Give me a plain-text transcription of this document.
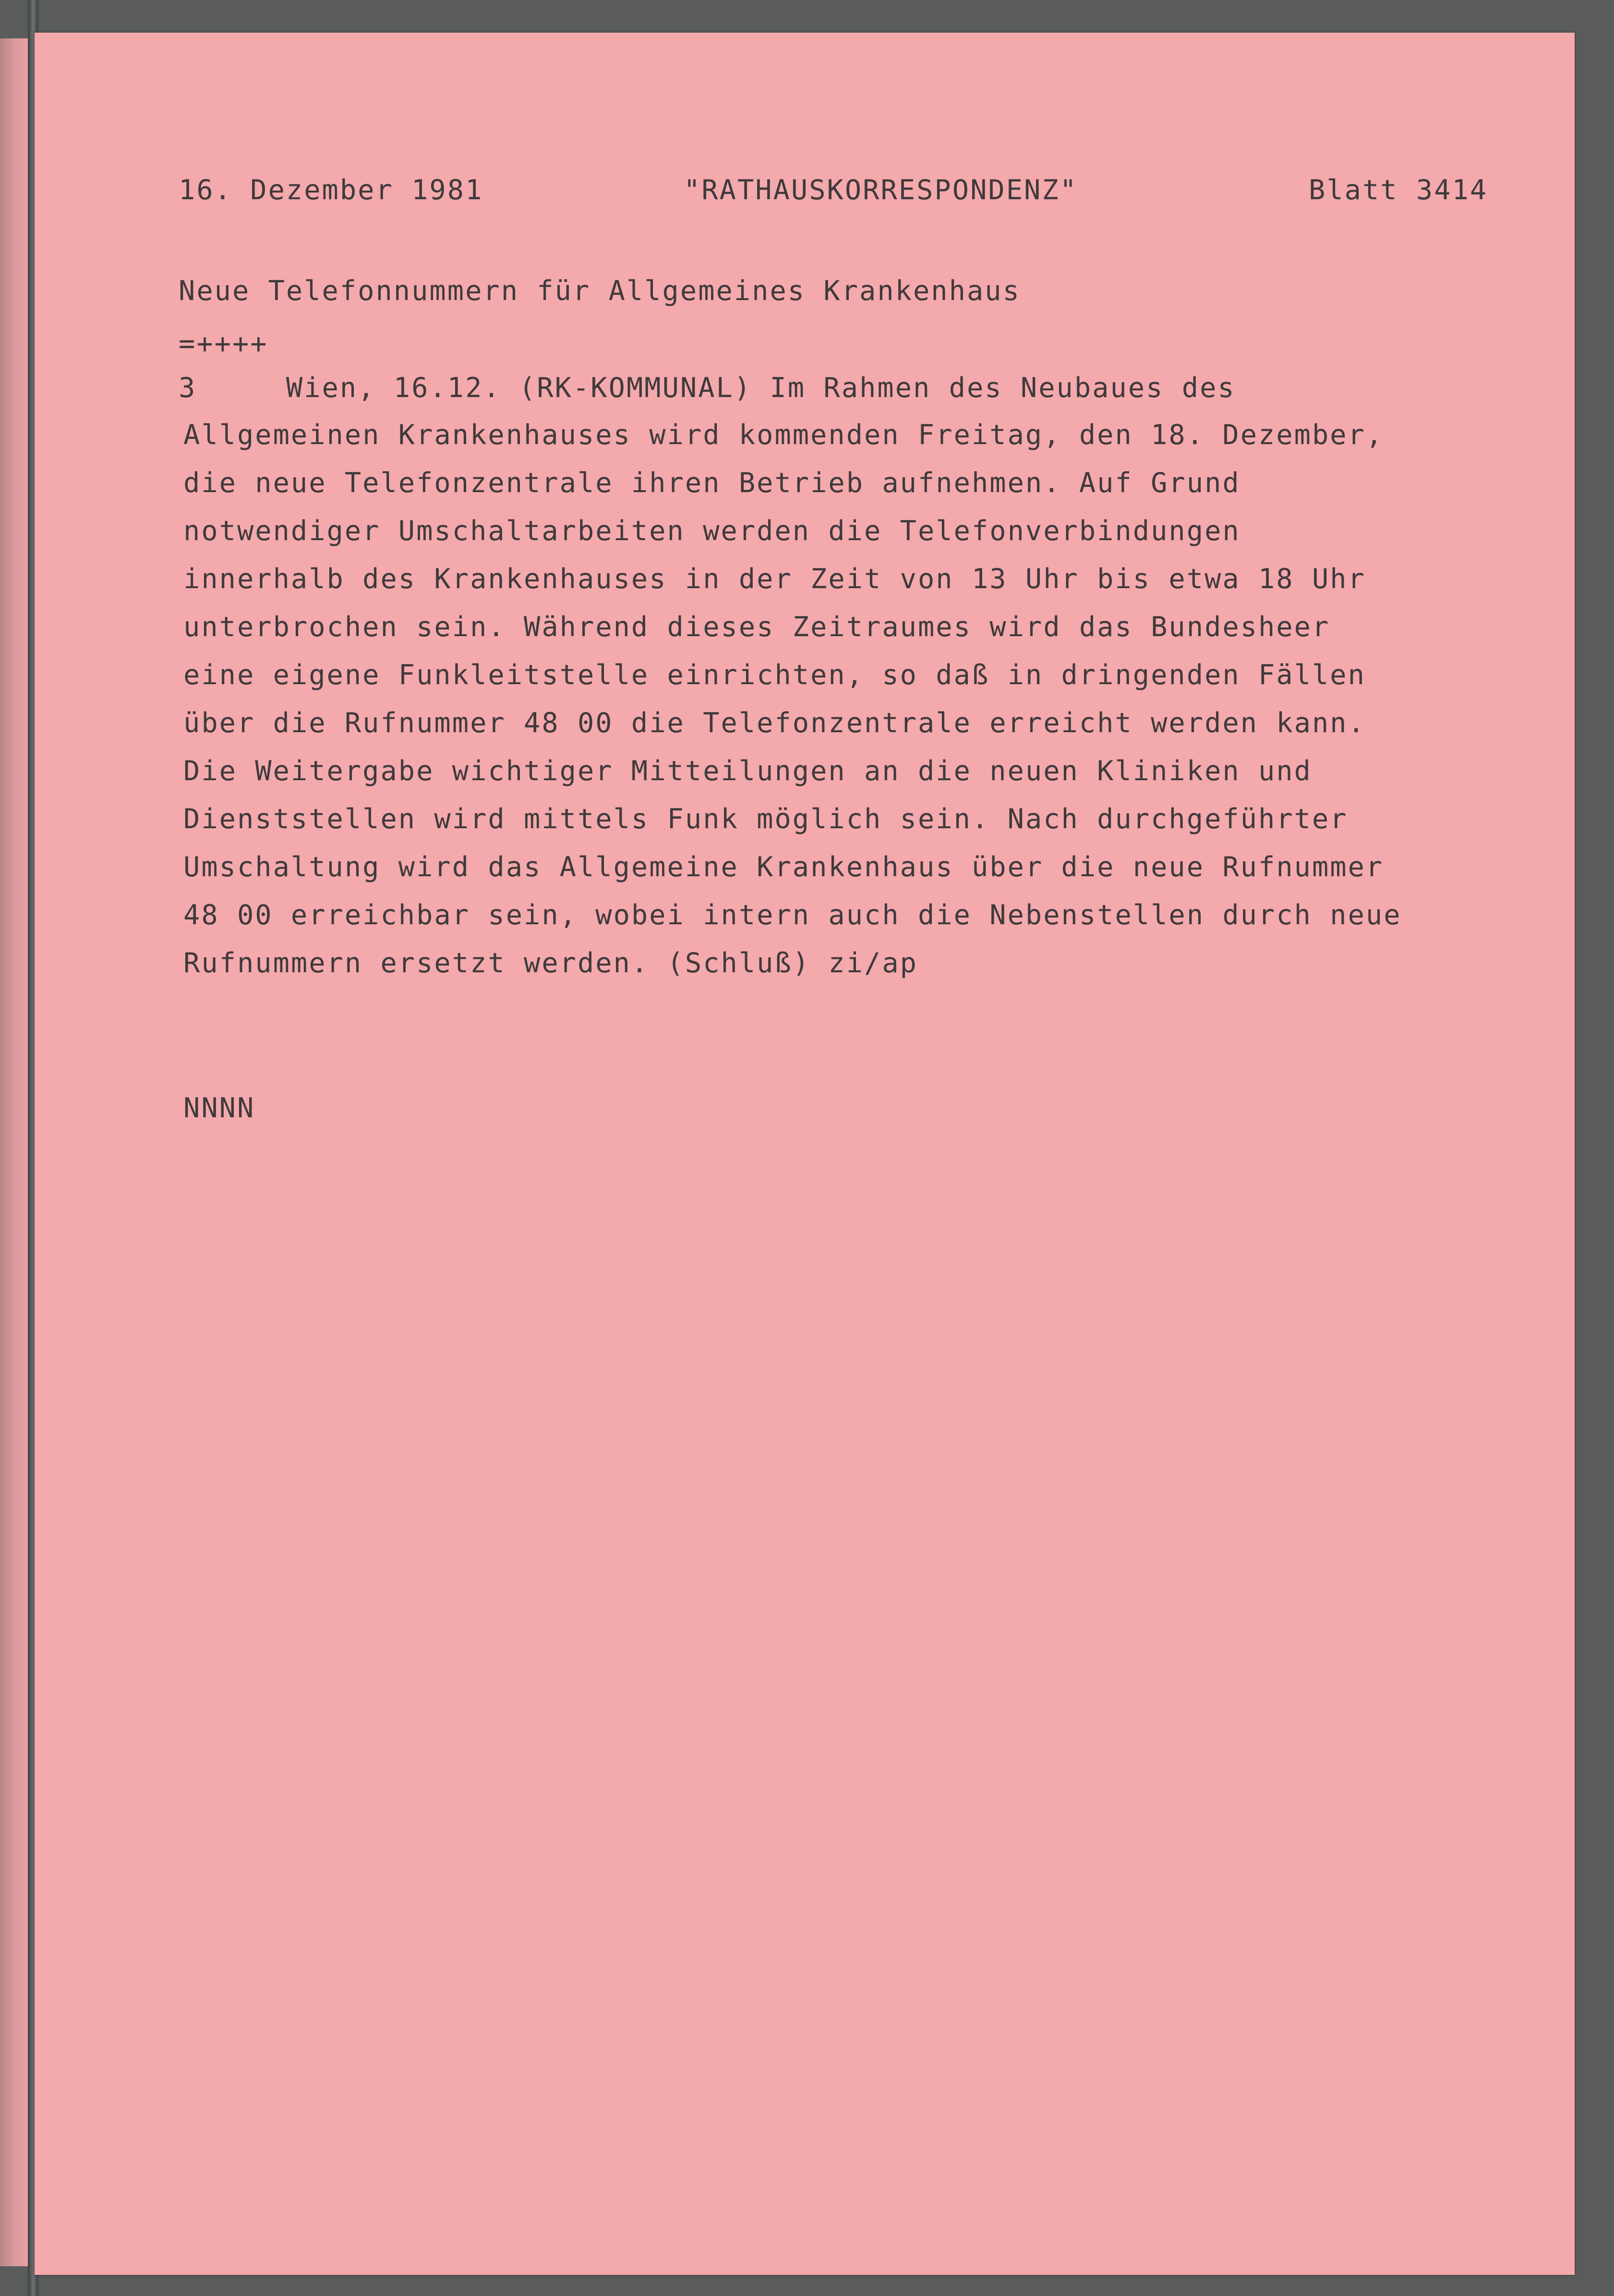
16. Dezember 1981	"RATHAUSKORRESPONDENZ"	Blatt 3414
Neue Telefonnummern für Allgemeines Krankenhaus
=++++
3	Wien, 16.12. (RK-KOMMUNAL) Im Rahmen des Neubaues des
Allgemeinen Krankenhauses wird kommenden Freitag, den 18. Dezember,
die neue Telefonzentrale ihren Betrieb aufnehmen. Auf Grund
notwendiger Umschaltarbeiten werden die Telefonverbindungen
innerhalb des Krankenhauses in der Zeit von 13 Uhr bis etwa 18 Uhr
unterbrochen sein. Während dieses Zeitraumes wird das Bundesheer
eine eigene Funkleitstelle einrichten, so daß in dringenden Fällen
über die Rufnummer 48 00 die Telefonzentrale erreicht werden kann.
Die Weitergabe wichtiger Mitteilungen an die neuen Kliniken und
Dienststellen wird mittels Funk möglich sein. Nach durchgeführter
Umschaltung wird das Allgemeine Krankenhaus über die neue Rufnummer
48 00 erreichbar sein, wobei intern auch die Nebenstellen durch neue
Rufnummern ersetzt werden. (Schluß) zi/ap
NNNN
